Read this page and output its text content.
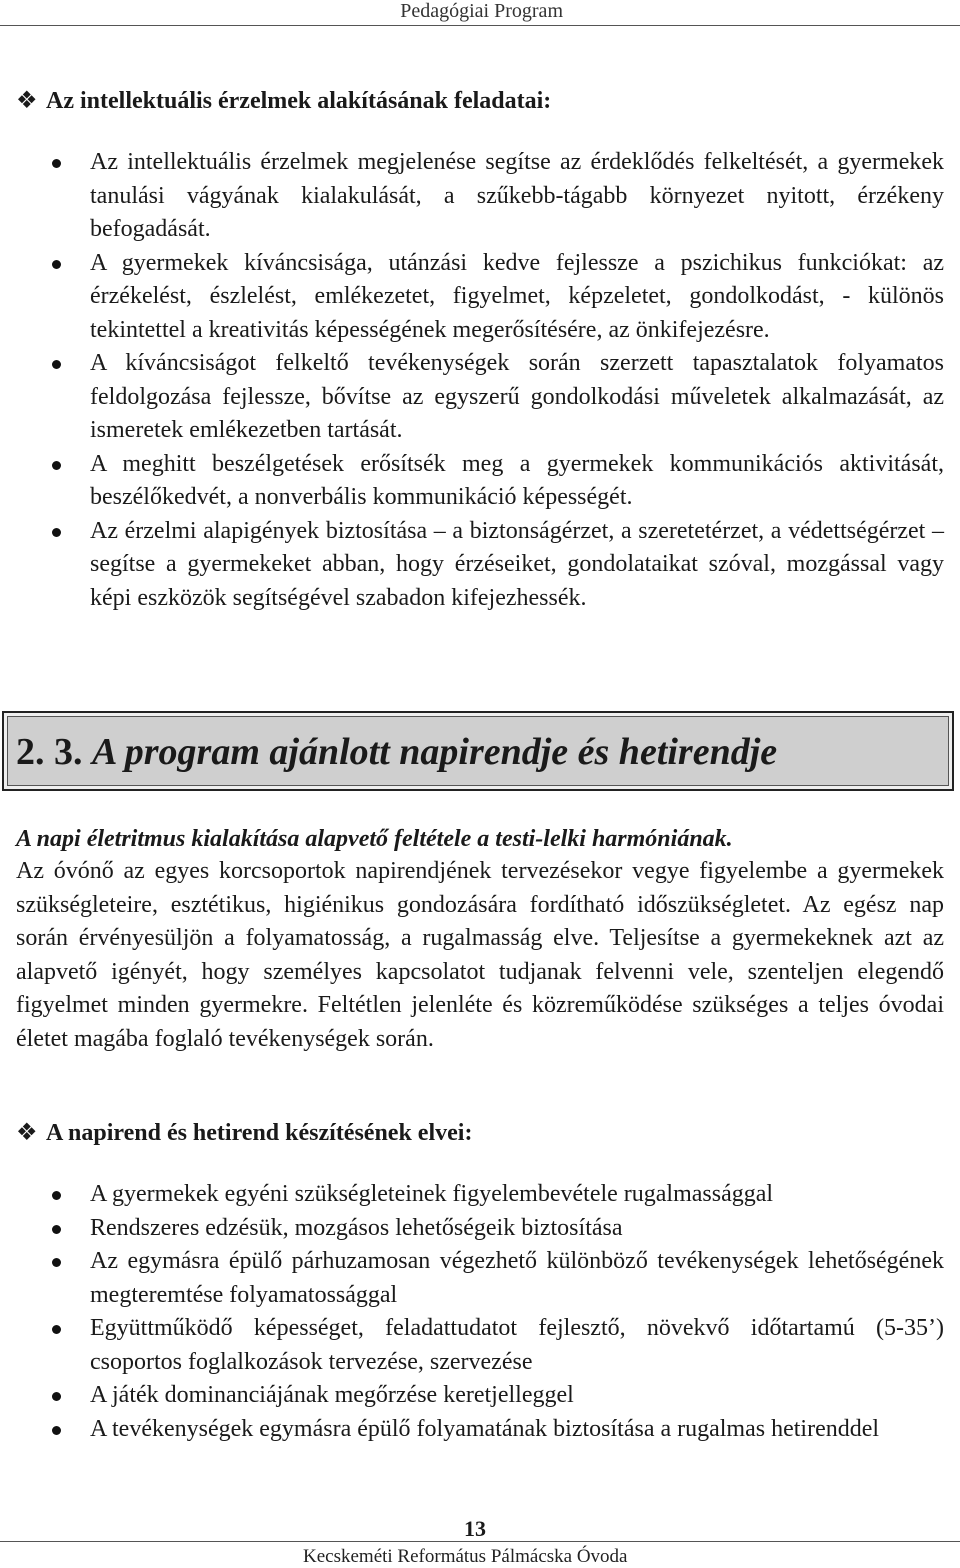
Pedagógiai Program
❖ Az intellektuális érzelmek alakításának feladatai:
Az intellektuális érzelmek megjelenése segítse az érdeklődés felkeltését, a gyermekek tanulási vágyának kialakulását, a szűkebb-tágabb környezet nyitott, érzékeny befogadását.
A gyermekek kíváncsisága, utánzási kedve fejlessze a pszichikus funkciókat: az érzékelést, észlelést, emlékezetet, figyelmet, képzeletet, gondolkodást, - különös tekintettel a kreativitás képességének megerősítésére, az önkifejezésre.
A kíváncsiságot felkeltő tevékenységek során szerzett tapasztalatok folyamatos feldolgozása fejlessze, bővítse az egyszerű gondolkodási műveletek alkalmazását, az ismeretek emlékezetben tartását.
A meghitt beszélgetések erősítsék meg a gyermekek kommunikációs aktivitását, beszélőkedvét, a nonverbális kommunikáció képességét.
Az érzelmi alapigények biztosítása – a biztonságérzet, a szeretetérzet, a védettségérzet – segítse a gyermekeket abban, hogy érzéseiket, gondolataikat szóval, mozgással vagy képi eszközök segítségével szabadon kifejezhessék.
2. 3. A program ajánlott napirendje és hetirendje
A napi életritmus kialakítása alapvető feltétele a testi-lelki harmóniának.

Az óvónő az egyes korcsoportok napirendjének tervezésekor vegye figyelembe a gyermekek szükségleteire, esztétikus, higiénikus gondozására fordítható időszükségletet. Az egész nap során érvényesüljön a folyamatosság, a rugalmasság elve. Teljesítse a gyermekeknek azt az alapvető igényét, hogy személyes kapcsolatot tudjanak felvenni vele, szenteljen elegendő figyelmet minden gyermekre. Feltétlen jelenléte és közreműködése szükséges a teljes óvodai életet magába foglaló tevékenységek során.

❖ A napirend és hetirend készítésének elvei:
A gyermekek egyéni szükségleteinek figyelembevétele rugalmassággal
Rendszeres edzésük, mozgásos lehetőségeik biztosítása
Az egymásra épülő párhuzamosan végezhető különböző tevékenységek lehetőségének megteremtése folyamatossággal
Együttműködő képességet, feladattudatot fejlesztő, növekvő időtartamú (5-35’) csoportos foglalkozások tervezése, szervezése
A játék dominanciájának megőrzése keretjelleggel
A tevékenységek egymásra épülő folyamatának biztosítása a rugalmas hetirenddel
13
Kecskeméti Református Pálmácska Óvoda
